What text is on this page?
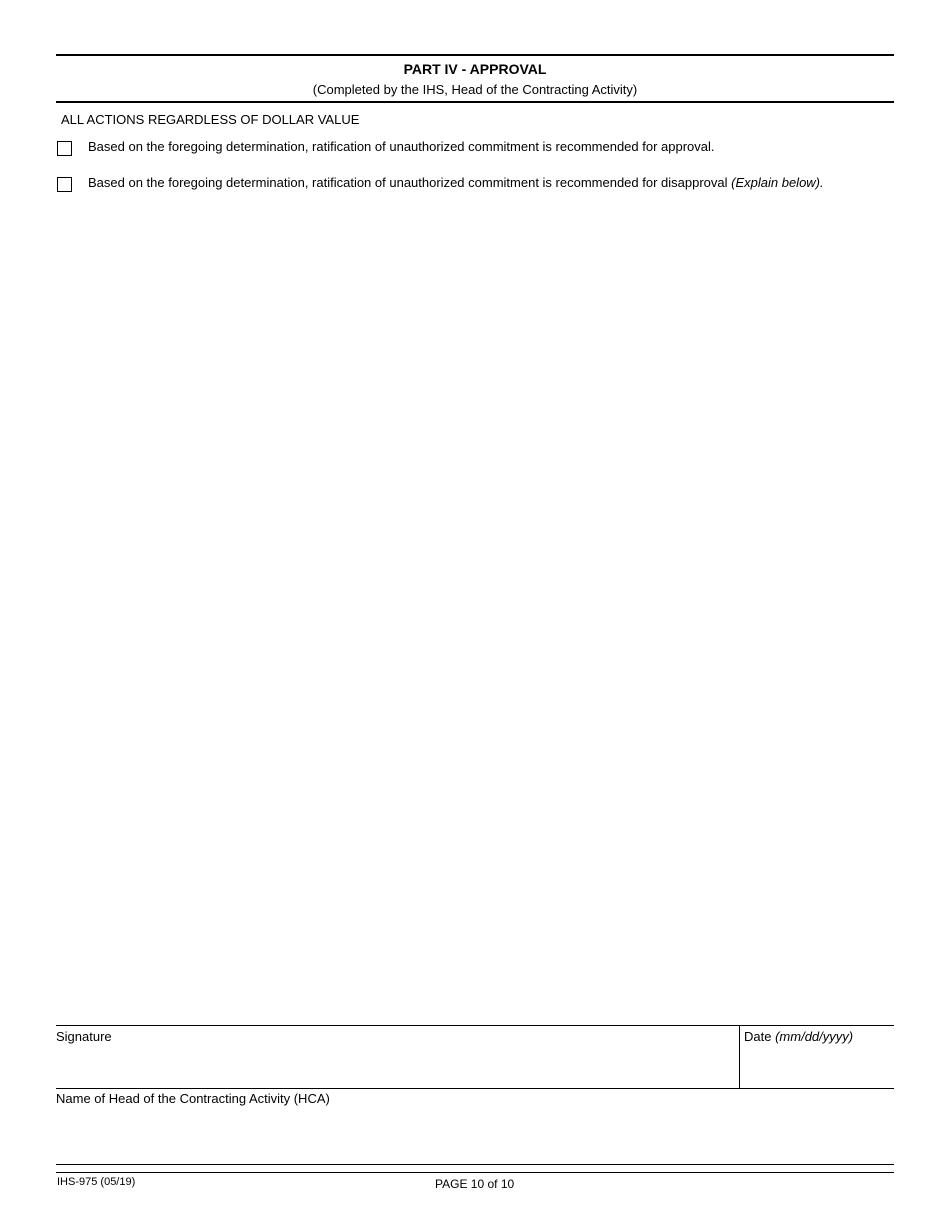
PART IV - APPROVAL
(Completed by the IHS, Head of the Contracting Activity)
ALL ACTIONS REGARDLESS OF DOLLAR VALUE
Based on the foregoing determination, ratification of unauthorized commitment is recommended for approval.
Based on the foregoing determination, ratification of unauthorized commitment is recommended for disapproval (Explain below).
Signature	Date (mm/dd/yyyy)
Name of Head of the Contracting Activity (HCA)
IHS-975 (05/19)	PAGE 10 of 10
